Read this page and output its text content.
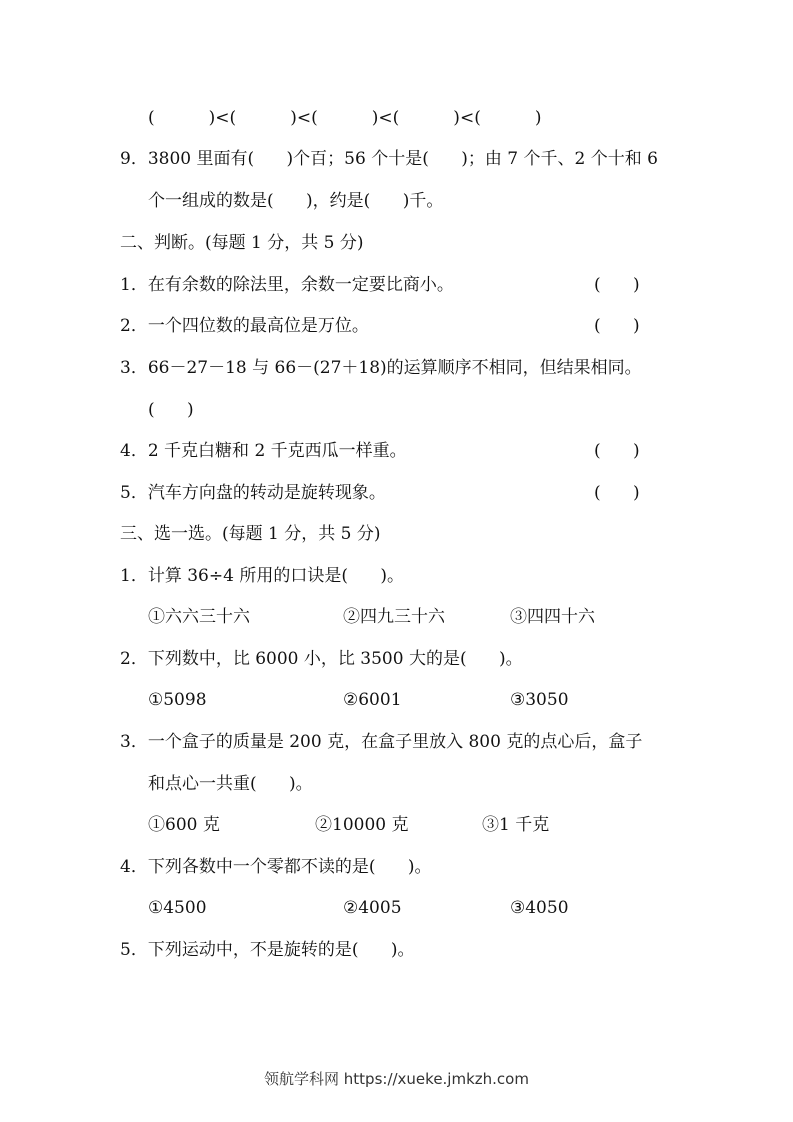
(          )<(          )<(          )<(          )<(          )
9．3800 里面有(      )个百；56 个十是(      )；由 7 个千、2 个十和 6
个一组成的数是(      )，约是(      )千。
二、判断。(每题 1 分，共 5 分)
1．在有余数的除法里，余数一定要比商小。	(      )
2．一个四位数的最高位是万位。	(      )
3．66－27－18 与 66－(27＋18)的运算顺序不相同，但结果相同。
(      )
4．2 千克白糖和 2 千克西瓜一样重。	(      )
5．汽车方向盘的转动是旋转现象。	(      )
三、选一选。(每题 1 分，共 5 分)
1．计算 36÷4 所用的口诀是(      )。
①六六三十六	②四九三十六	③四四十六
2．下列数中，比 6000 小，比 3500 大的是(      )。
①5098	②6001	③3050
3．一个盒子的质量是 200 克，在盒子里放入 800 克的点心后，盒子
和点心一共重(      )。
①600 克	②10000 克	③1 千克
4．下列各数中一个零都不读的是(      )。
①4500	②4005	③4050
5．下列运动中，不是旋转的是(      )。
领航学科网 https://xueke.jmkzh.com
